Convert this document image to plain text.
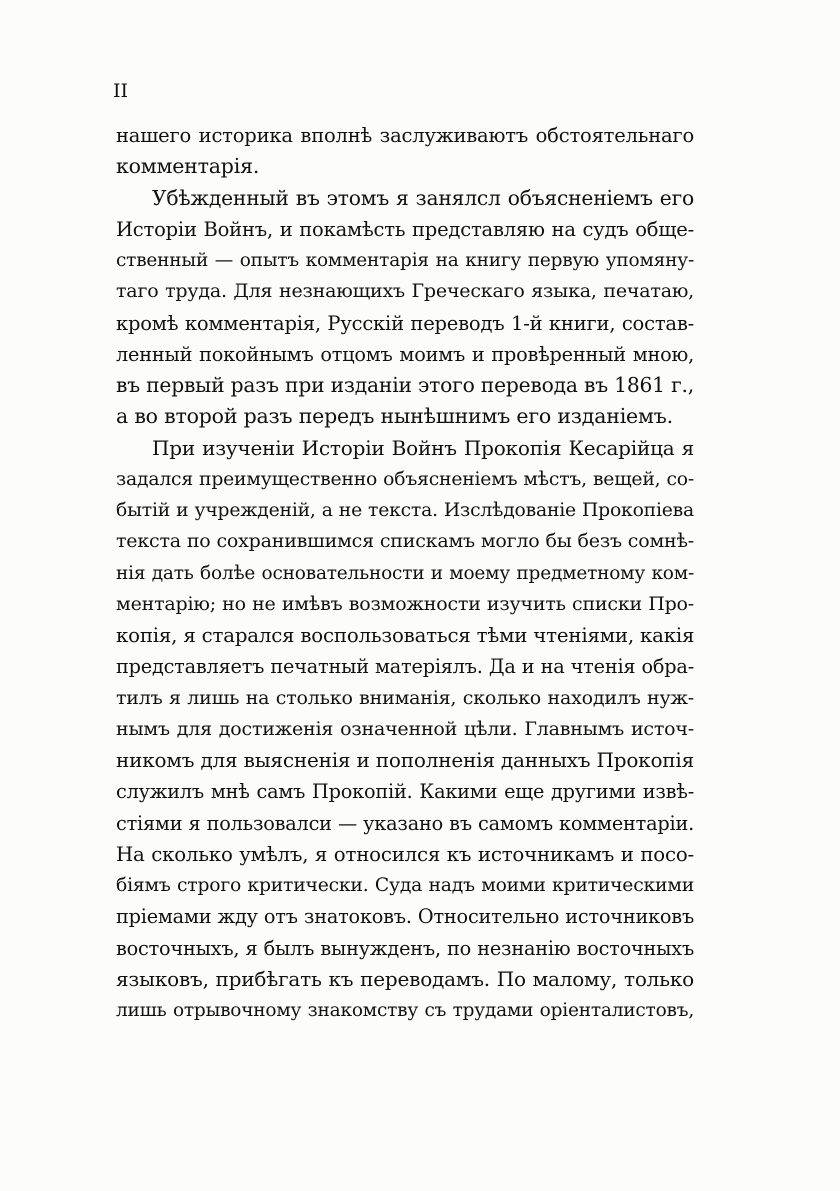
II
нашего историка вполнѣ заслуживаютъ обстоятельнаго
комментарія.
Убѣжденный въ этомъ я занялсл объясненіемъ его
Исторіи Войнъ, и покамѣсть представляю на судъ обще-
ственный — опытъ комментарія на книгу первую упомяну-
таго труда. Для незнающихъ Греческаго языка, печатаю,
кромѣ комментарія, Русскій переводъ 1-й книги, состав-
ленный покойнымъ отцомъ моимъ и провѣренный мною,
въ первый разъ при изданіи этого перевода въ 1861 г.,
а во второй разъ передъ нынѣшнимъ его изданіемъ.
При изученіи Исторіи Войнъ Прокопія Кесарійца я
задался преимущественно объясненіемъ мѣстъ, вещей, со-
бытій и учрежденій, а не текста. Изслѣдованіе Прокопіева
текста по сохранившимся спискамъ могло бы безъ сомнѣ-
нія дать болѣе основательности и моему предметному ком-
ментарію; но не имѣвъ возможности изучить списки Про-
копія, я старался воспользоваться тѣми чтеніями, какія
представляетъ печатный матеріялъ. Да и на чтенія обра-
тилъ я лишь на столько вниманія, сколько находилъ нуж-
нымъ для достиженія означенной цѣли. Главнымъ источ-
никомъ для выясненія и пополненія данныхъ Прокопія
служилъ мнѣ самъ Прокопій. Какими еще другими извѣ-
стіями я пользовалси — указано въ самомъ комментаріи.
На сколько умѣлъ, я относился къ источникамъ и посо-
біямъ строго критически. Суда надъ моими критическими
пріемами жду отъ знатоковъ. Относительно источниковъ
восточныхъ, я былъ вынужденъ, по незнанію восточныхъ
языковъ, прибѣгать къ переводамъ. По малому, только
лишь отрывочному знакомству съ трудами оріенталистовъ,
